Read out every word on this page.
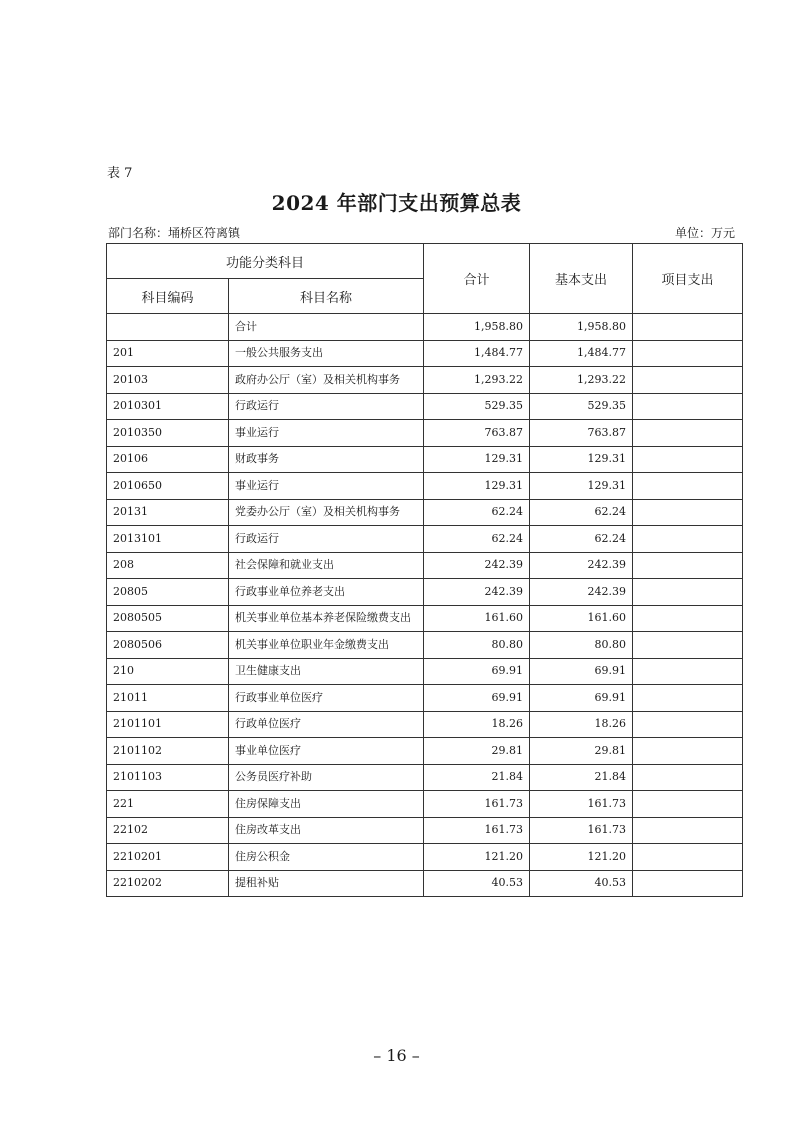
表 7
2024 年部门支出预算总表
部门名称：埇桥区符离镇	单位：万元
功能分类科目		合计	基本支出	项目支出
科目编码	科目名称			
	合计	1,958.80	1,958.80	
201	一般公共服务支出	1,484.77	1,484.77	
20103	政府办公厅（室）及相关机构事务	1,293.22	1,293.22	
2010301	行政运行	529.35	529.35	
2010350	事业运行	763.87	763.87	
20106	财政事务	129.31	129.31	
2010650	事业运行	129.31	129.31	
20131	党委办公厅（室）及相关机构事务	62.24	62.24	
2013101	行政运行	62.24	62.24	
208	社会保障和就业支出	242.39	242.39	
20805	行政事业单位养老支出	242.39	242.39	
2080505	机关事业单位基本养老保险缴费支出	161.60	161.60	
2080506	机关事业单位职业年金缴费支出	80.80	80.80	
210	卫生健康支出	69.91	69.91	
21011	行政事业单位医疗	69.91	69.91	
2101101	行政单位医疗	18.26	18.26	
2101102	事业单位医疗	29.81	29.81	
2101103	公务员医疗补助	21.84	21.84	
221	住房保障支出	161.73	161.73	
22102	住房改革支出	161.73	161.73	
2210201	住房公积金	121.20	121.20	
2210202	提租补贴	40.53	40.53	
– 16 –
